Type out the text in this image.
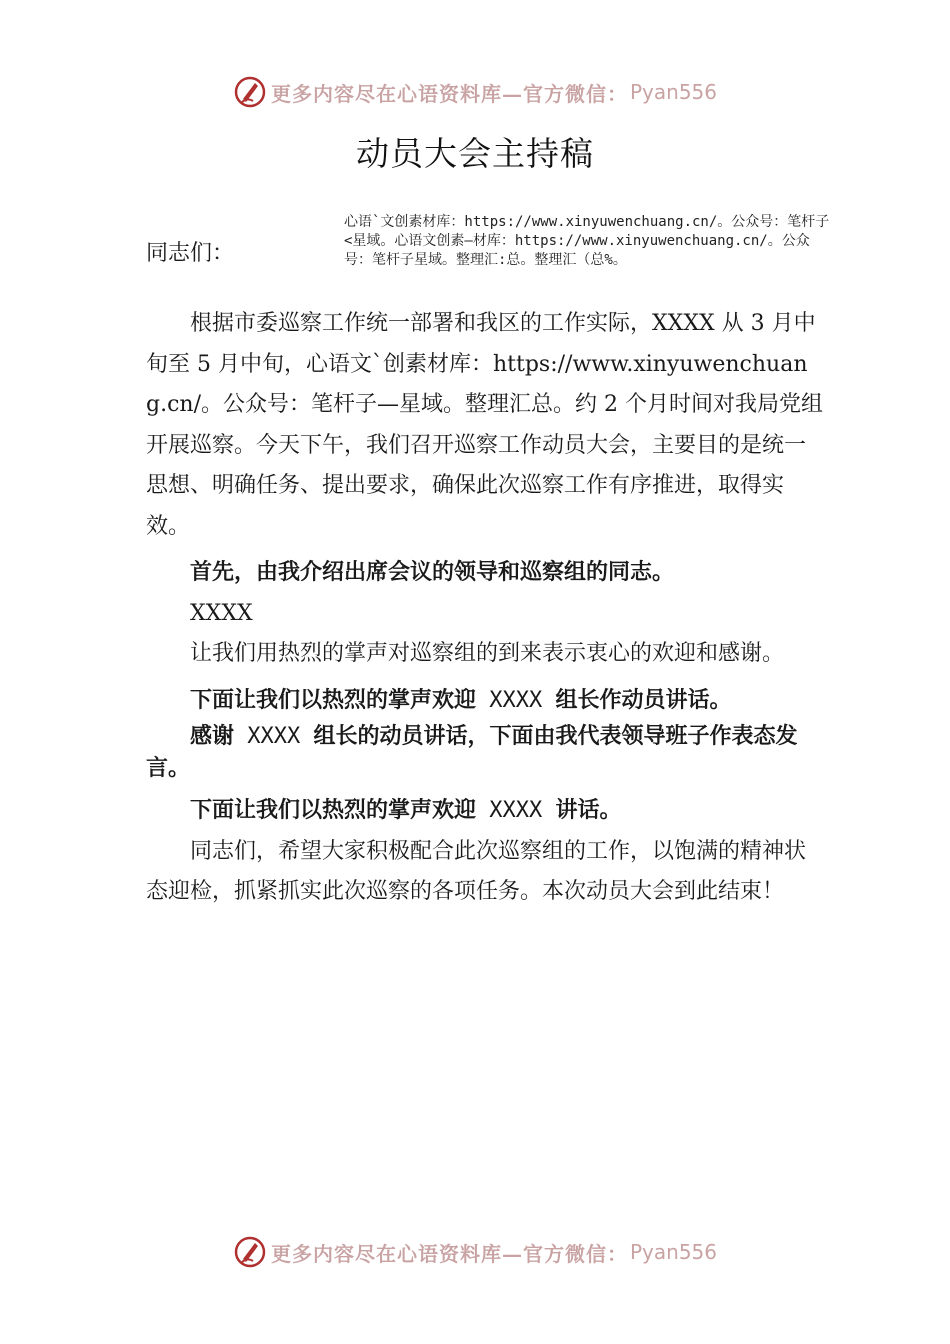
更多内容尽在心语资料库—官方微信： Pyan556
动员大会主持稿
同志们：
心语`文创素材库：https://www.xinyuwenchuang.cn/。公众号：笔杆子<星域。心语文创素—材库：https://www.xinyuwenchuang.cn/。公众号：笔杆子星域。整理汇:总。整理汇（总%。

根据市委巡察工作统一部署和我区的工作实际，XXXX 从 3 月中旬至 5 月中旬，心语文`创素材库：https://www.xinyuwenchuang.cn/。公众号：笔杆子—星域。整理汇总。约 2 个月时间对我局党组开展巡察。今天下午，我们召开巡察工作动员大会，主要目的是统一思想、明确任务、提出要求，确保此次巡察工作有序推进，取得实效。

首先，由我介绍出席会议的领导和巡察组的同志。

XXXX

让我们用热烈的掌声对巡察组的到来表示衷心的欢迎和感谢。

下面让我们以热烈的掌声欢迎 XXXX 组长作动员讲话。

感谢 XXXX 组长的动员讲话，下面由我代表领导班子作表态发言。

下面让我们以热烈的掌声欢迎 XXXX 讲话。

同志们，希望大家积极配合此次巡察组的工作，以饱满的精神状态迎检，抓紧抓实此次巡察的各项任务。本次动员大会到此结束！

更多内容尽在心语资料库—官方微信： Pyan556
